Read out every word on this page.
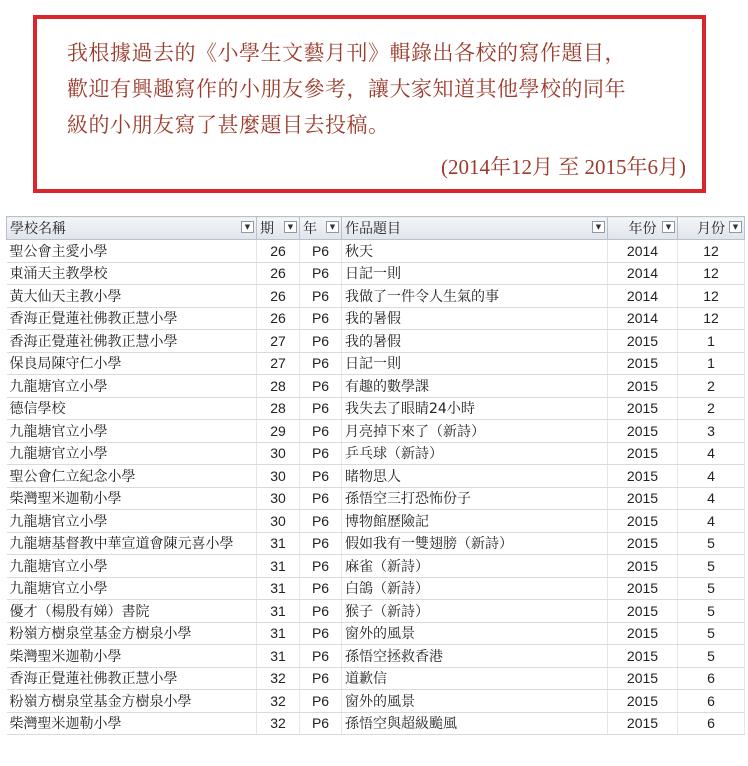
我根據過去的《小學生文藝月刊》輯錄出各校的寫作題目，
歡迎有興趣寫作的小朋友參考，讓大家知道其他學校的同年
級的小朋友寫了甚麼題目去投稿。
(2014年12月 至 2015年6月)
學校名稱 ▼	期 ▼	年 ▼	作品題目 ▼	年份 ▼	月份 ▼

聖公會主愛小學	26	P6	秋天	2014	12
東涌天主教學校	26	P6	日記一則	2014	12
黃大仙天主教小學	26	P6	我做了一件令人生氣的事	2014	12
香海正覺蓮社佛教正慧小學	26	P6	我的暑假	2014	12
香海正覺蓮社佛教正慧小學	27	P6	我的暑假	2015	1
保良局陳守仁小學	27	P6	日記一則	2015	1
九龍塘官立小學	28	P6	有趣的數學課	2015	2
德信學校	28	P6	我失去了眼睛24小時	2015	2
九龍塘官立小學	29	P6	月亮掉下來了（新詩）	2015	3
九龍塘官立小學	30	P6	乒乓球（新詩）	2015	4
聖公會仁立紀念小學	30	P6	睹物思人	2015	4
柴灣聖米迦勒小學	30	P6	孫悟空三打恐怖份子	2015	4
九龍塘官立小學	30	P6	博物館歷險記	2015	4
九龍塘基督教中華宣道會陳元喜小學	31	P6	假如我有一雙翅膀（新詩）	2015	5
九龍塘官立小學	31	P6	麻雀（新詩）	2015	5
九龍塘官立小學	31	P6	白鴿（新詩）	2015	5
優才（楊殷有娣）書院	31	P6	猴子（新詩）	2015	5
粉嶺方樹泉堂基金方樹泉小學	31	P6	窗外的風景	2015	5
柴灣聖米迦勒小學	31	P6	孫悟空拯救香港	2015	5
香海正覺蓮社佛教正慧小學	32	P6	道歉信	2015	6
粉嶺方樹泉堂基金方樹泉小學	32	P6	窗外的風景	2015	6
柴灣聖米迦勒小學	32	P6	孫悟空與超級颱風	2015	6
